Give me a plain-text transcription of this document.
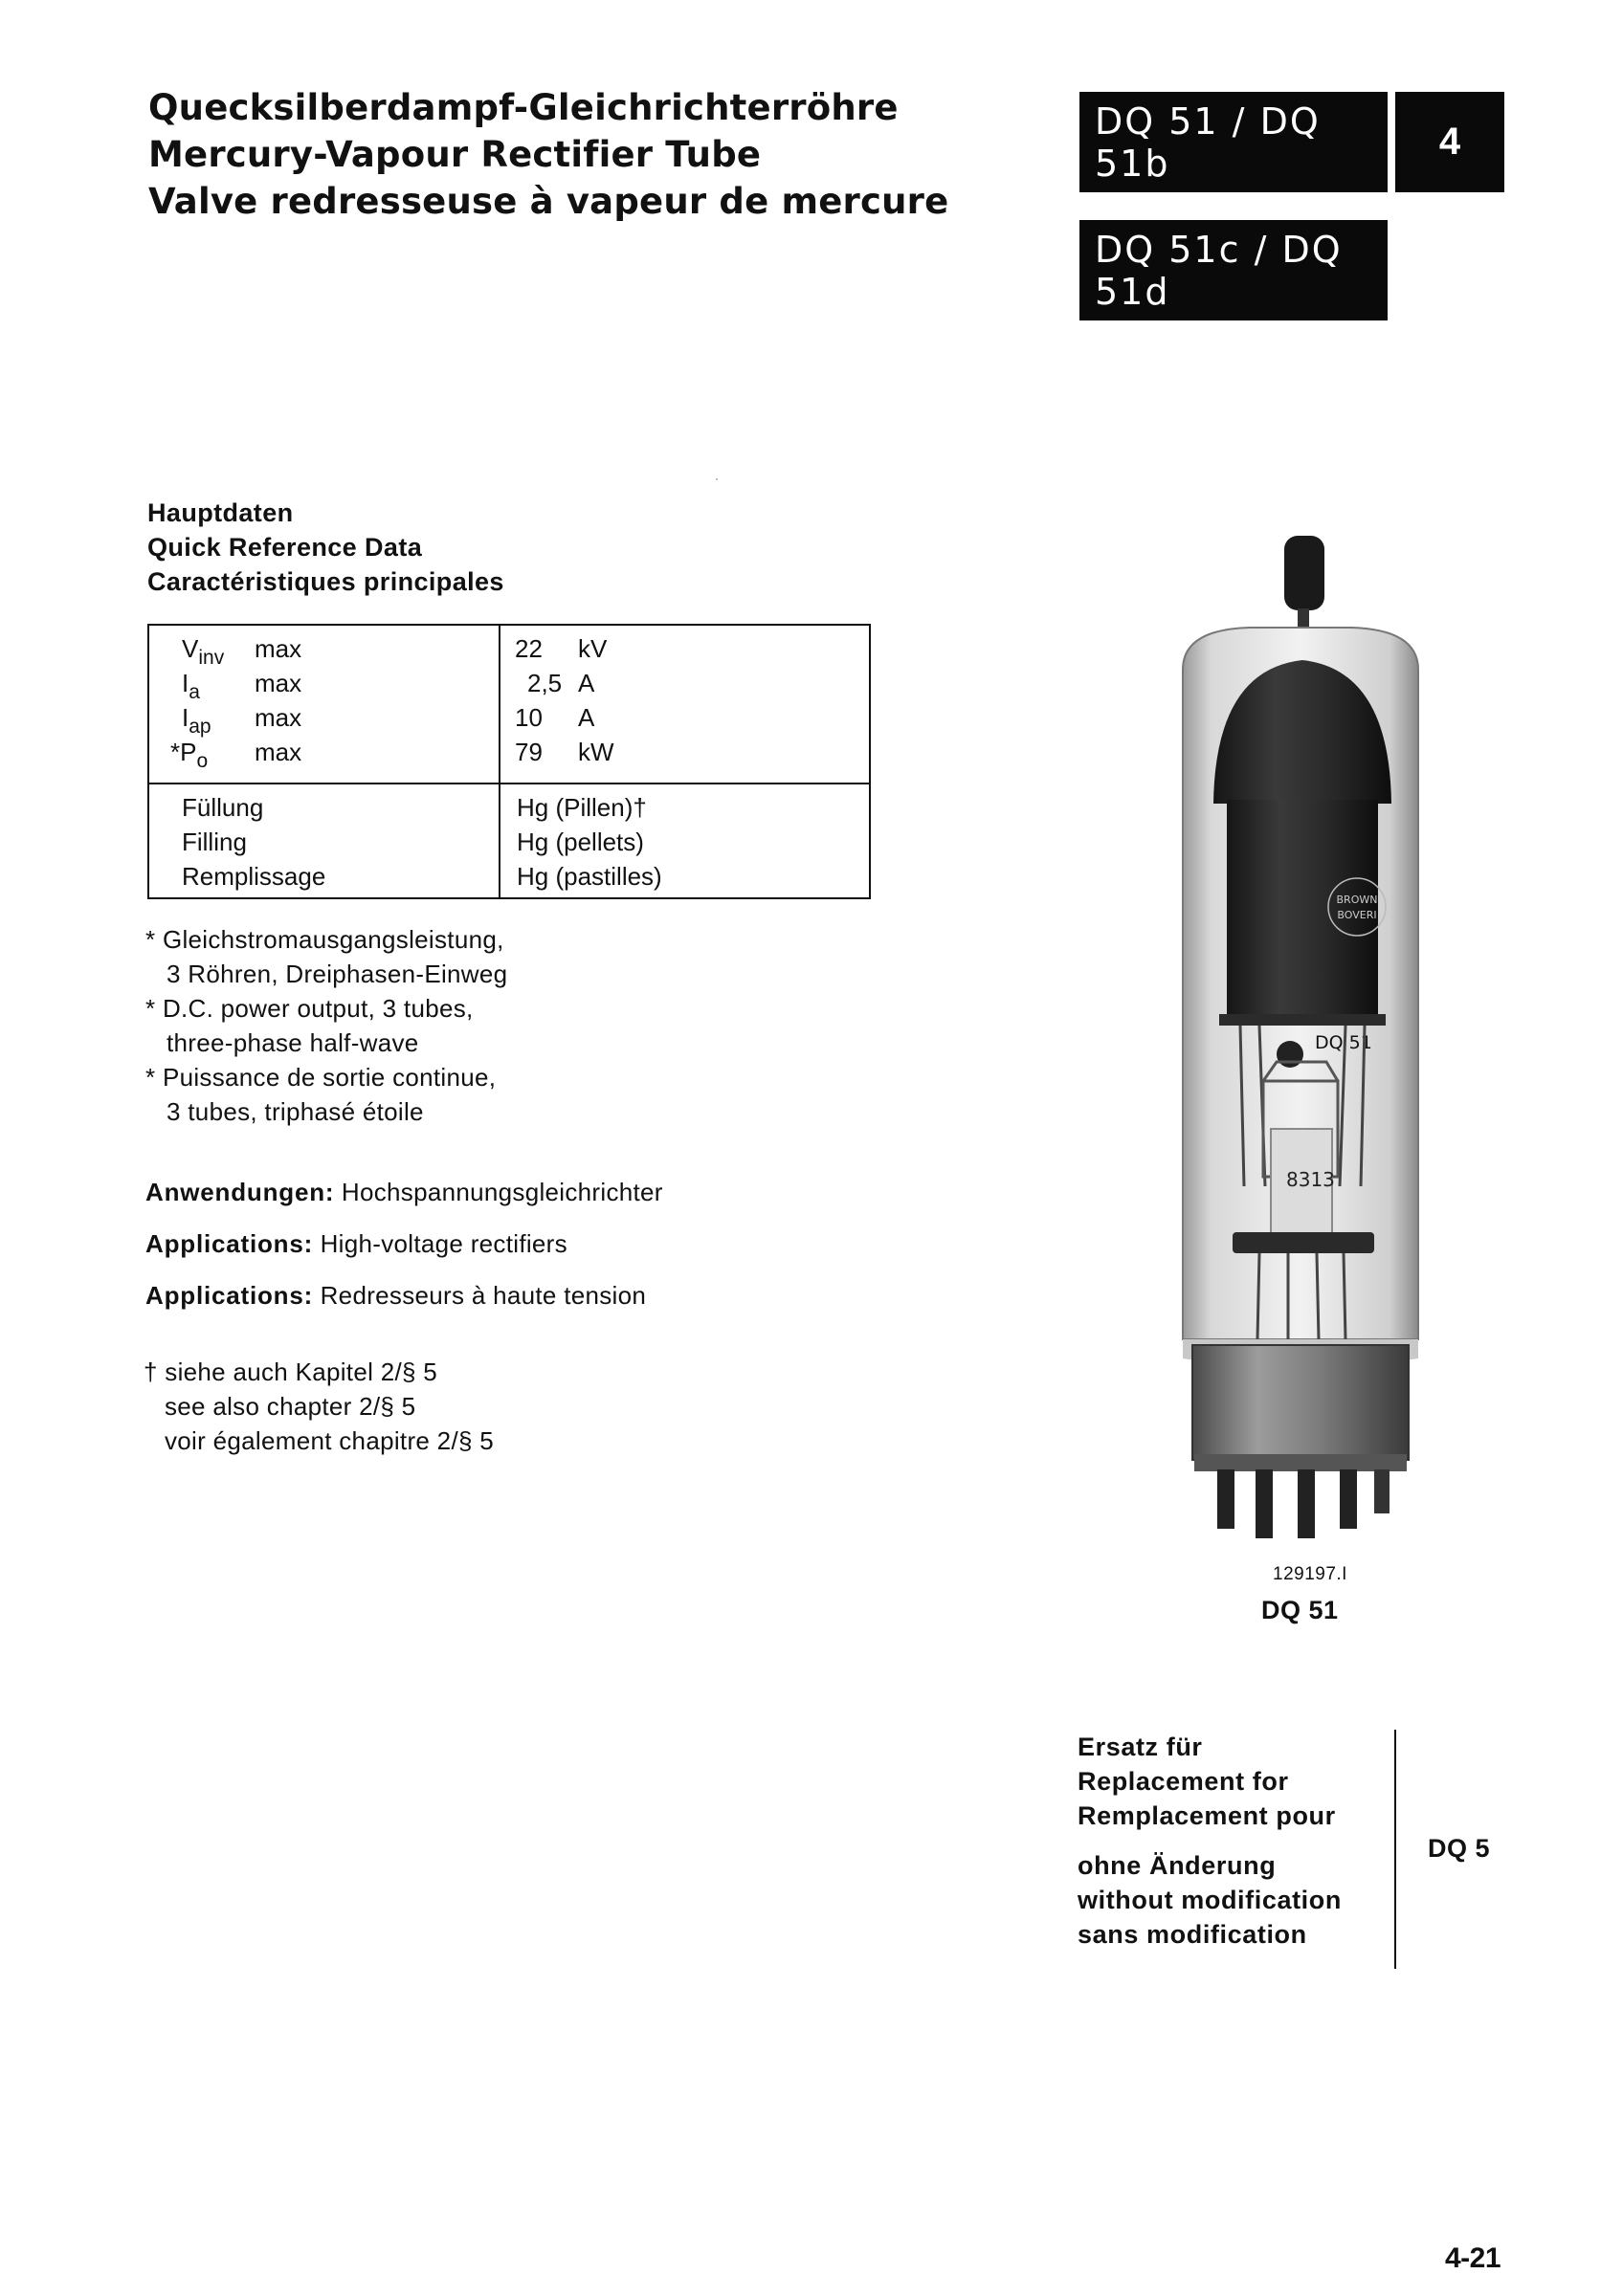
Quecksilberdampf-Gleichrichterröhre
Mercury-Vapour Rectifier Tube
Valve redresseuse à vapeur de mercure
DQ 51 / DQ 51b
DQ 51c / DQ 51d
4
Hauptdaten
Quick Reference Data
Caractéristiques principales
$V_{inv}$ max	22 kV
$I_a$ max	2,5 A
$I_{ap}$ max	10 A
$*P_o$ max	79 kW
Füllung	Hg (Pillen)†
Filling	Hg (pellets)
Remplissage	Hg (pastilles)
* Gleichstromausgangsleistung,
3 Röhren, Dreiphasen-Einweg
* D.C. power output, 3 tubes,
three-phase half-wave
* Puissance de sortie continue,
3 tubes, triphasé étoile
Anwendungen: Hochspannungsgleichrichter
Applications: High-voltage rectifiers
Applications: Redresseurs à haute tension
† siehe auch Kapitel 2/§ 5
see also chapter 2/§ 5
voir également chapitre 2/§ 5
BROWN
BOVERI
DQ 51
8313
129197.I
DQ 51
Ersatz für
Replacement for
Remplacement pour
ohne Änderung
without modification
sans modification
DQ 5
4-21
